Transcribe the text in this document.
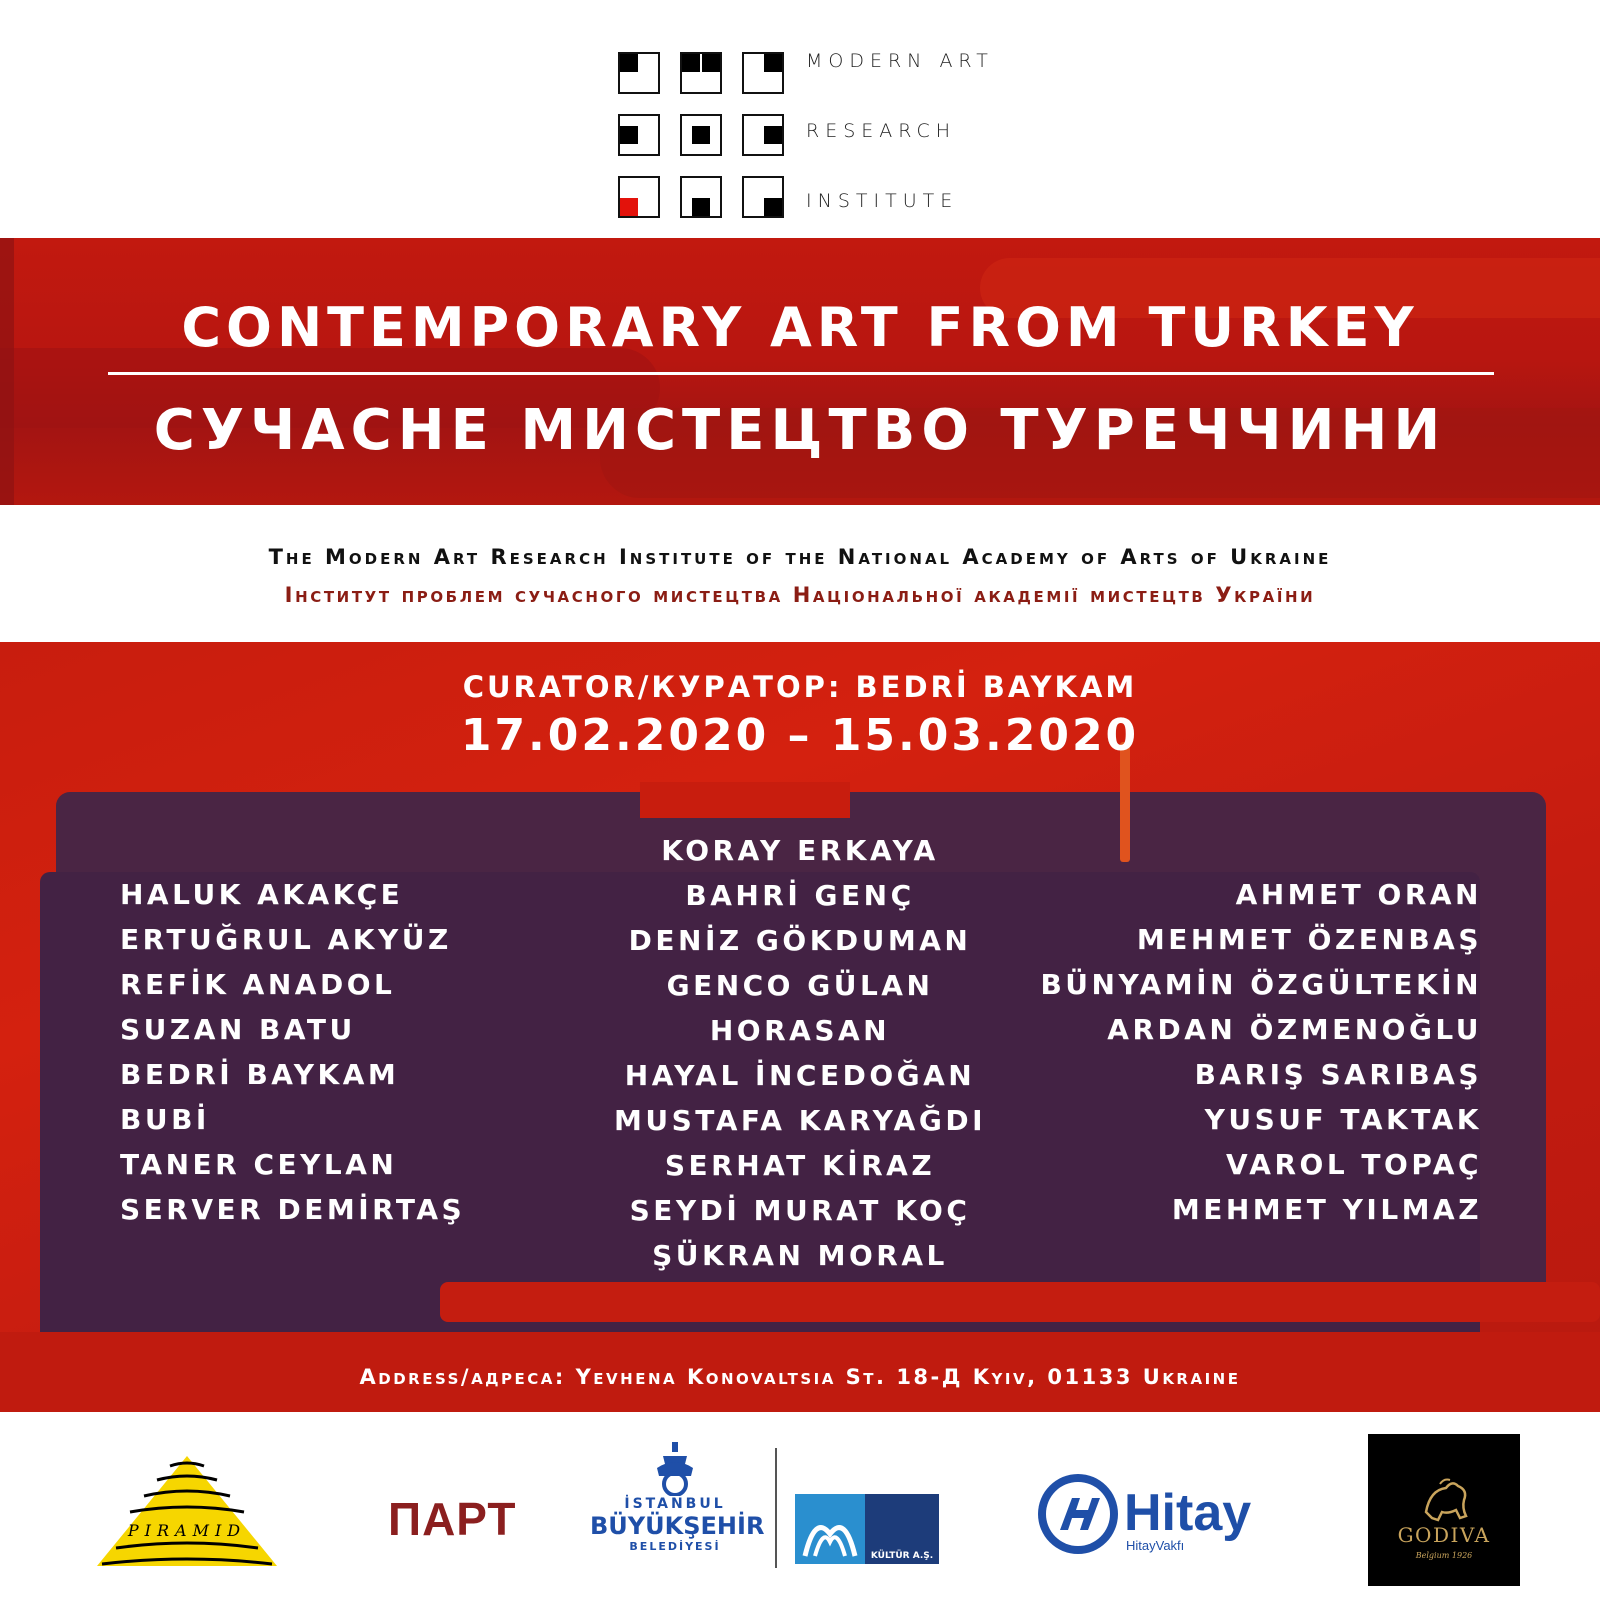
MODERN ART
RESEARCH
INSTITUTE
CONTEMPORARY ART FROM TURKEY
СУЧАСНЕ МИСТЕЦТВО ТУРЕЧЧИНИ
The Modern Art Research Institute of the National Academy of Arts of Ukraine
Інститут проблем сучасного мистецтва Національної академії мистецтв України
CURATOR/КУРАТОР: BEDRİ BAYKAM
17.02.2020 – 15.03.2020
HALUK AKAKÇE
ERTUĞRUL AKYÜZ
REFİK ANADOL
SUZAN BATU
BEDRİ BAYKAM
BUBİ
TANER CEYLAN
SERVER DEMİRTAŞ
KORAY ERKAYA
BAHRİ GENÇ
DENİZ GÖKDUMAN
GENCO GÜLAN
HORASAN
HAYAL İNCEDOĞAN
MUSTAFA KARYAĞDI
SERHAT KİRAZ
SEYDİ MURAT KOÇ
ŞÜKRAN MORAL
AHMET ORAN
MEHMET ÖZENBAŞ
BÜNYAMİN ÖZGÜLTEKİN
ARDAN ÖZMENOĞLU
BARIŞ SARIBAŞ
YUSUF TAKTAK
VAROL TOPAÇ
MEHMET YILMAZ
Address/адреса: Yevhena Konovaltsia St. 18-Д Kyiv, 01133 Ukraine
PIRAMID	ПАРТ	İSTANBUL
BÜYÜKŞEHİR
BELEDİYESİ
KÜLTÜR A.Ş.
Hitay
HitayVakfı	GODIVA
Belgium 1926
